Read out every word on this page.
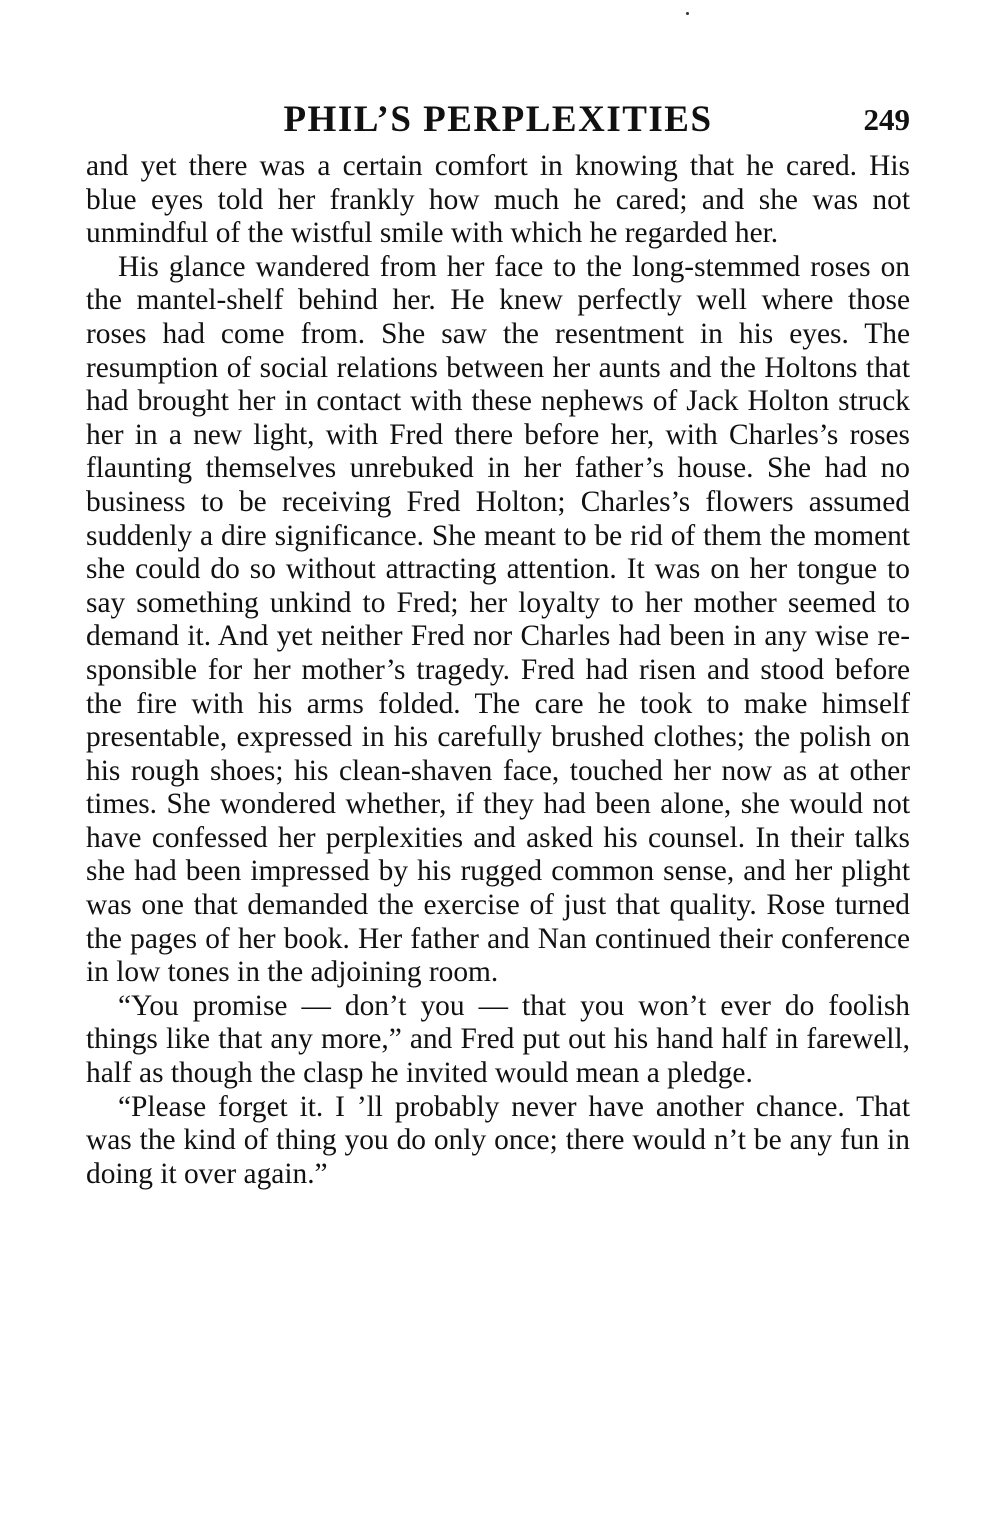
PHIL’S PERPLEXITIES	249

and yet there was a certain comfort in knowing that he cared. His blue eyes told her frankly how much he cared; and she was not unmindful of the wistful smile with which he regarded her.

His glance wandered from her face to the long-stemmed roses on the mantel-shelf behind her. He knew perfectly well where those roses had come from. She saw the resentment in his eyes. The resumption of social relations between her aunts and the Holtons that had brought her in contact with these nephews of Jack Holton struck her in a new light, with Fred there before her, with Charles’s roses flaunting themselves unrebuked in her father’s house. She had no business to be receiving Fred Holton; Charles’s flowers assumed suddenly a dire significance. She meant to be rid of them the moment she could do so without attracting attention. It was on her tongue to say something unkind to Fred; her loyalty to her mother seemed to demand it. And yet neither Fred nor Charles had been in any wise responsible for her mother’s tragedy. Fred had risen and stood before the fire with his arms folded. The care he took to make himself presentable, expressed in his carefully brushed clothes; the polish on his rough shoes; his clean-shaven face, touched her now as at other times. She wondered whether, if they had been alone, she would not have confessed her perplexities and asked his counsel. In their talks she had been impressed by his rugged common sense, and her plight was one that demanded the exercise of just that quality. Rose turned the pages of her book. Her father and Nan continued their conference in low tones in the adjoining room.

“You promise — don’t you — that you won’t ever do foolish things like that any more,” and Fred put out his hand half in farewell, half as though the clasp he invited would mean a pledge.

“Please forget it. I ’ll probably never have another chance. That was the kind of thing you do only once; there would n’t be any fun in doing it over again.”
